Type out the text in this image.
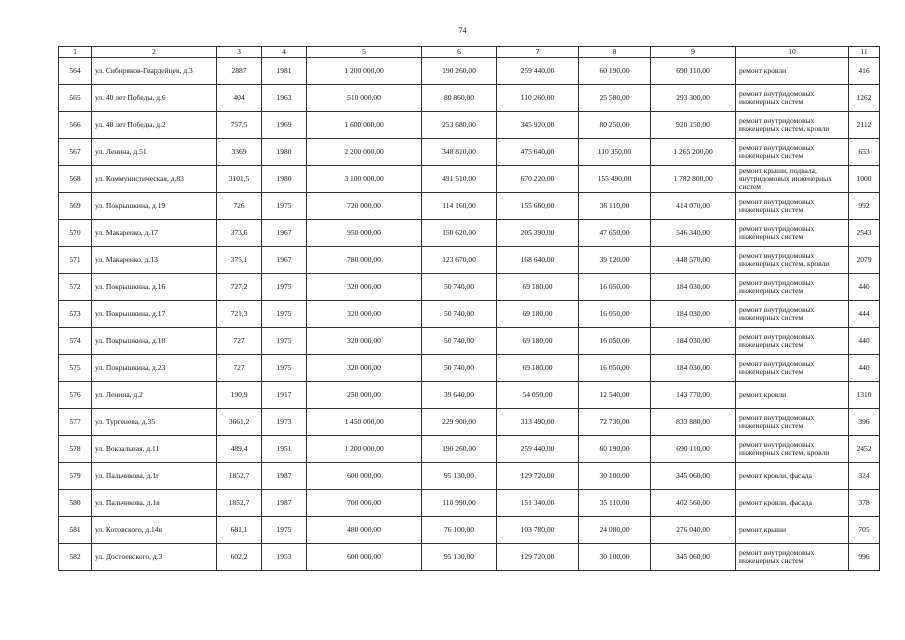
74
1	2	3	4	5	6	7	8	9	10	11
564	ул. Сибиряков-Гвардейцев, д.3	2887	1981	1 200 000,00	190 260,00	259 440,00	60 190,00	690 110,00	ремонт кровли	416
565	ул. 40 лет Победы, д.6	404	1963	510 000,00	80 860,00	110 260,00	25 580,00	293 300,00	ремонт внутридомовых инженерных систем	1262
566	ул. 40 лет Победы, д.2	757,5	1969	1 600 000,00	253 680,00	345 920,00	80 250,00	920 150,00	ремонт внутридомовых инженерных систем, кровли	2112
567	ул. Ленина, д.51	3369	1980	2 200 000,00	348 810,00	475 640,00	110 350,00	1 265 200,00	ремонт внутридомовых инженерных систем	653
568	ул. Коммунистическая, д.83	3101,5	1980	3 100 000,00	491 510,00	670 220,00	155 490,00	1 782 800,00	ремонт крыши, подвала, внутридомовых инженерных систем	1000
569	ул. Покрышкина, д.19	726	1975	720 000,00	114 160,00	155 660,00	36 110,00	414 070,00	ремонт внутридомовых инженерных систем	992
570	ул. Макаренко, д.17	373,6	1967	950 000,00	150 620,00	205 390,00	47 650,00	546 340,00	ремонт внутридомовых инженерных систем	2543
571	ул. Макаренко, д.13	375,1	1967	780 000,00	123 670,00	168 640,00	39 120,00	448 570,00	ремонт внутридомовых инженерных систем, кровли	2079
572	ул. Покрышкина, д.16	727,2	1975	320 000,00	50 740,00	69 180,00	16 050,00	184 030,00	ремонт внутридомовых инженерных систем	440
573	ул. Покрышкина, д.17	721,3	1975	320 000,00	50 740,00	69 180,00	16 050,00	184 030,00	ремонт внутридомовых инженерных систем	444
574	ул. Покрышкина, д.18	727	1975	320 000,00	50 740,00	69 180,00	16 050,00	184 030,00	ремонт внутридомовых инженерных систем	440
575	ул. Покрышкина, д.23	727	1975	320 000,00	50 740,00	69 180,00	16 050,00	184 030,00	ремонт внутридомовых инженерных систем	440
576	ул. Ленина, д.2	190,9	1917	250 000,00	39 640,00	54 050,00	12 540,00	143 770,00	ремонт кровли	1310
577	ул. Тургенева, д.35	3661,2	1973	1 450 000,00	229 900,00	313 490,00	72 730,00	833 880,00	ремонт внутридомовых инженерных систем	396
578	ул. Вокзальная, д.11	489,4	1951	1 200 000,00	190 260,00	259 440,00	60 190,00	690 110,00	ремонт внутридомовых инженерных систем, кровли	2452
579	ул. Пальчикова, д.1г	1852,7	1987	600 000,00	95 130,00	129 720,00	30 100,00	345 060,00	ремонт кровли, фасада	324
580	ул. Пальчикова, д.1в	1852,7	1987	700 000,00	110 990,00	151 340,00	35 110,00	402 560,00	ремонт кровли, фасада	378
581	ул. Котовского, д.14в	681,1	1975	480 000,00	76 100,00	103 780,00	24 080,00	276 040,00	ремонт крыши	705
582	ул. Достоевского, д.3	602,2	1953	600 000,00	95 130,00	129 720,00	30 100,00	345 060,00	ремонт внутридомовых инженерных систем	996
